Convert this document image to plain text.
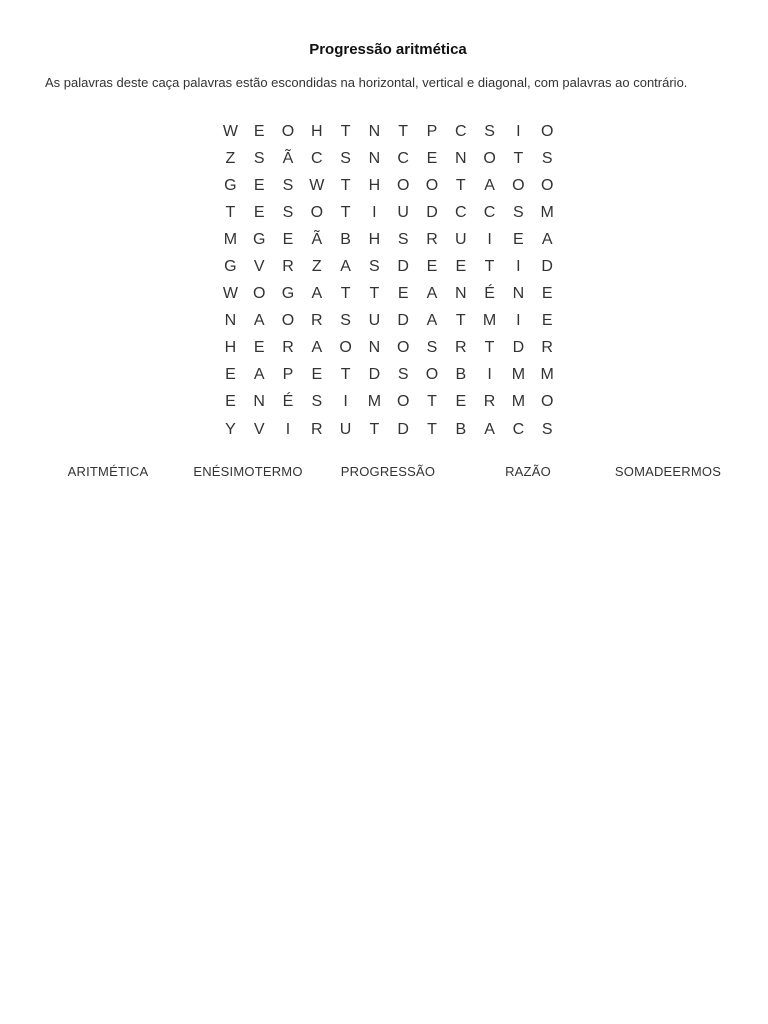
Progressão aritmética
As palavras deste caça palavras estão escondidas na horizontal, vertical e diagonal, com palavras ao contrário.
W E	O	H	T	N	T	P	C	S	I	O
Z	S	Ã	C	S	N	C	E	N	O	T	S
G	E	S W	T	H	O	O	T	A	O	O
T	E	S	O	T	I	U	D	C	C	S	M
M G	E	Ã	B	H	S	R	U	I	E	A
G	V	R	Z	A	S	D	E	E	T	I	D
W O	G	A	T	T	E	A	N	É	N	E
N	A	O	R	S	U	D	A	T	M	I	E
H	E	R	A	O	N	O	S	R	T	D	R
E	A	P	E	T	D	S	O	B	I	M M
E	N	É	S	I	M O	T	E	R	M O
Y	V	I	R	U	T	D	T	B	A	C	S
ARITMÉTICA	ENÉSIMOTERMO	PROGRESSÃO	RAZÃO	SOMADEERMOS
